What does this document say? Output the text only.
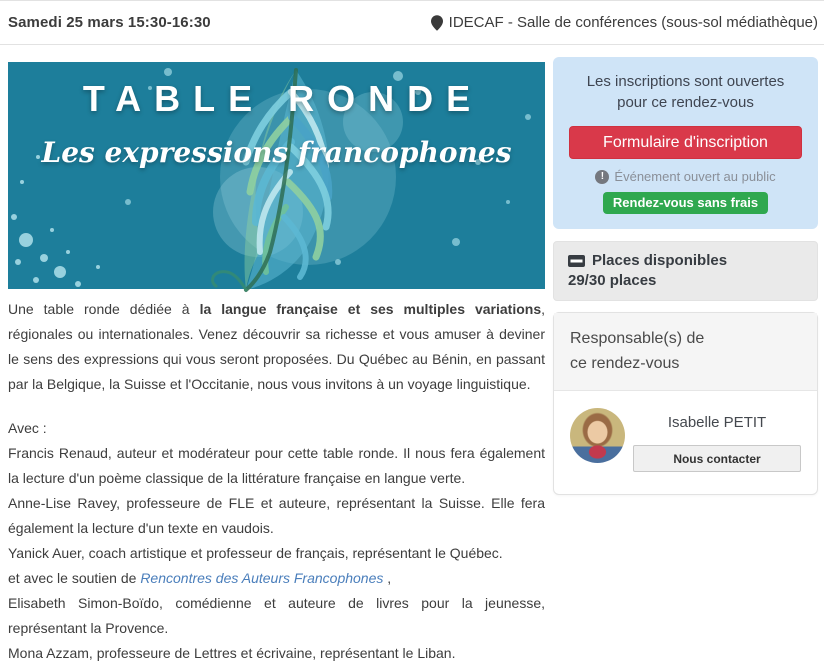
Samedi 25 mars 15:30-16:30	IDECAF - Salle de conférences (sous-sol médiathèque)
TABLE RONDE
Les expressions francophones

Une table ronde dédiée à la langue française et ses multiples variations, régionales ou internationales. Venez découvrir sa richesse et vous amuser à deviner le sens des expressions qui vous seront proposées. Du Québec au Bénin, en passant par la Belgique, la Suisse et l'Occitanie, nous vous invitons à un voyage linguistique.

Avec :
Francis Renaud, auteur et modérateur pour cette table ronde. Il nous fera également la lecture d'un poème classique de la littérature française en langue verte.
Anne-Lise Ravey, professeure de FLE et auteure, représentant la Suisse. Elle fera également la lecture d'un texte en vaudois.
Yanick Auer, coach artistique et professeur de français, représentant le Québec.
et avec le soutien de Rencontres des Auteurs Francophones ,
Elisabeth Simon-Boïdo, comédienne et auteure de livres pour la jeunesse, représentant la Provence.
Mona Azzam, professeure de Lettres et écrivaine, représentant le Liban.
Les inscriptions sont ouvertes
pour ce rendez-vous
Formulaire d'inscription
! Événement ouvert au public
Rendez-vous sans frais
Places disponibles
29/30 places
Responsable(s) de
ce rendez-vous
Isabelle PETIT
Nous contacter
